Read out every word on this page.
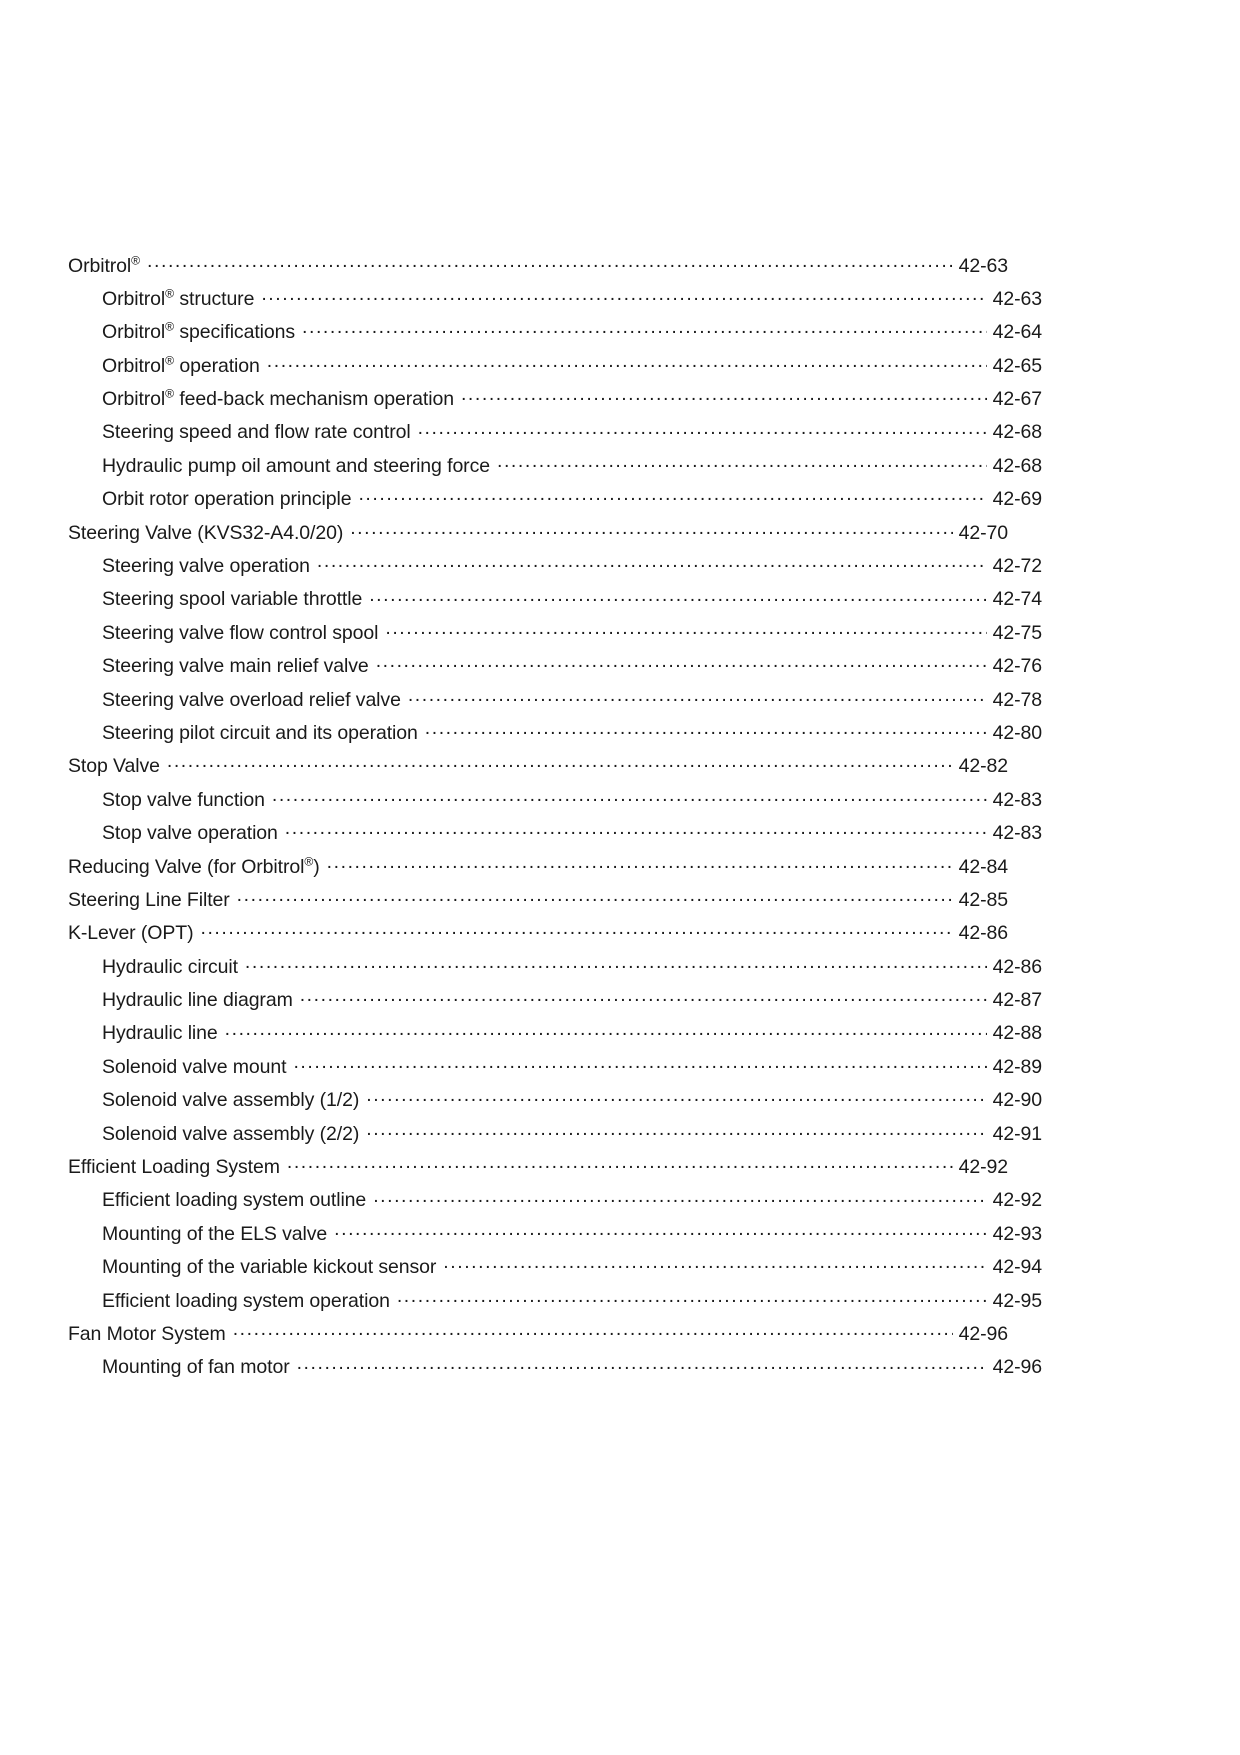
Orbitrol® .....	42-63
Orbitrol® structure .....	42-63
Orbitrol® specifications .....	42-64
Orbitrol® operation .....	42-65
Orbitrol® feed-back mechanism operation .....	42-67
Steering speed and flow rate control .....	42-68
Hydraulic pump oil amount and steering force .....	42-68
Orbit rotor operation principle .....	42-69
Steering Valve (KVS32-A4.0/20) .....	42-70
Steering valve operation .....	42-72
Steering spool variable throttle .....	42-74
Steering valve flow control spool .....	42-75
Steering valve main relief valve .....	42-76
Steering valve overload relief valve .....	42-78
Steering pilot circuit and its operation .....	42-80
Stop Valve .....	42-82
Stop valve function .....	42-83
Stop valve operation .....	42-83
Reducing Valve (for Orbitrol®) .....	42-84
Steering Line Filter .....	42-85
K-Lever (OPT) .....	42-86
Hydraulic circuit .....	42-86
Hydraulic line diagram .....	42-87
Hydraulic line .....	42-88
Solenoid valve mount .....	42-89
Solenoid valve assembly (1/2) .....	42-90
Solenoid valve assembly (2/2) .....	42-91
Efficient Loading System .....	42-92
Efficient loading system outline .....	42-92
Mounting of the ELS valve .....	42-93
Mounting of the variable kickout sensor .....	42-94
Efficient loading system operation .....	42-95
Fan Motor System .....	42-96
Mounting of fan motor .....	42-96
